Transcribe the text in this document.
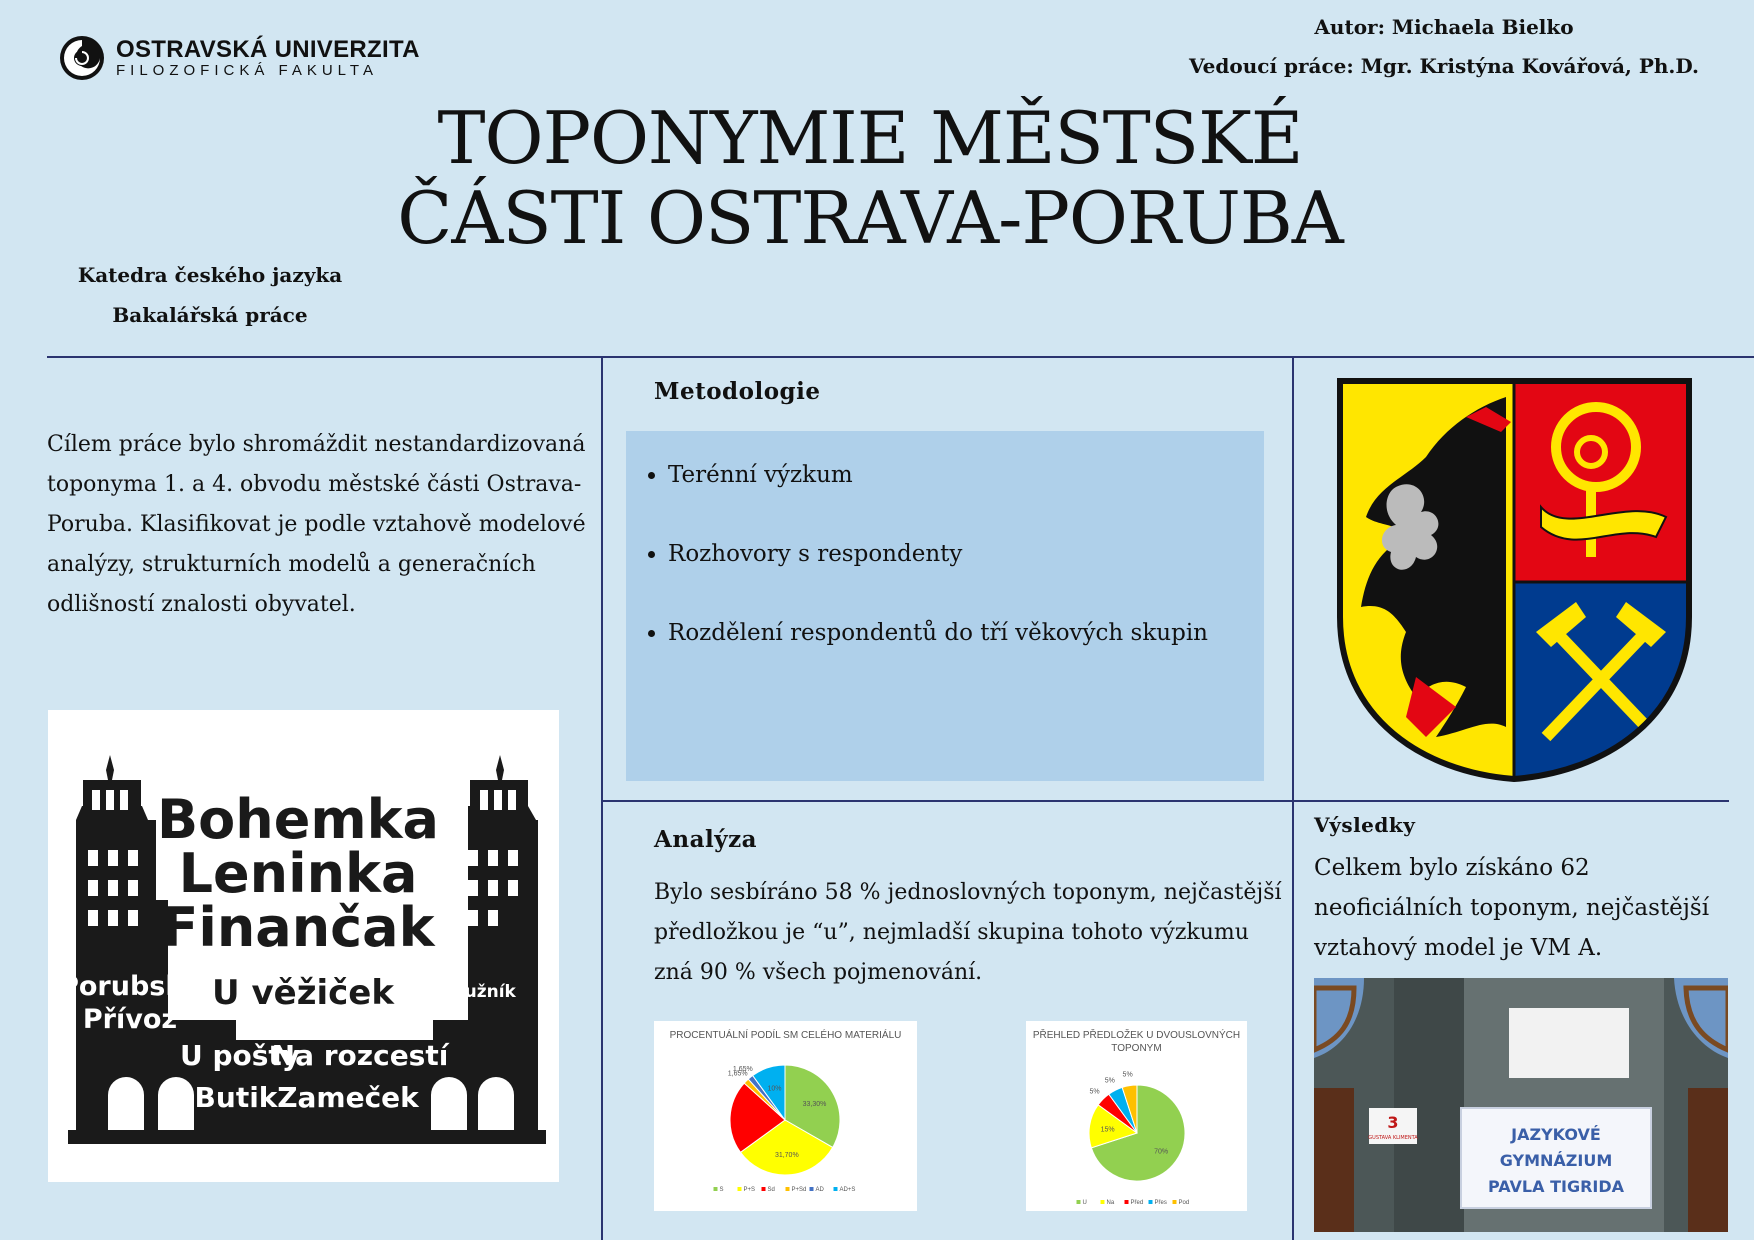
OSTRAVSKÁ UNIVERZITA
FILOZOFICKÁ FAKULTA
Autor: Michaela Bielko
Vedoucí práce: Mgr. Kristýna Kovářová, Ph.D.
TOPONYMIE MĚSTSKÉ
ČÁSTI OSTRAVA-PORUBA
Katedra českého jazyka
Bakalářská práce
Cílem práce bylo shromáždit nestandardizovaná toponyma 1. a 4. obvodu městské části Ostrava-Poruba. Klasifikovat je podle vztahově modelové analýzy, strukturních modelů a generačních odlišností znalosti obyvatel.
Bohemka
Leninka
Finančak
U věžiček
Porubský
Přívoz
Labužník
U pošty
Na rozcestí
Butik Zameček
Metodologie
• Terénní výzkum
• Rozhovory s respondenty
• Rozdělení respondentů do tří věkových skupin
Analýza
Bylo sesbíráno 58 % jednoslovných toponym, nejčastější předložkou je “u”, nejmladší skupina tohoto výzkumu zná 90 % všech pojmenování.
PROCENTUÁLNÍ PODÍL SM CELÉHO MATERIÁLU
33,30%
31,70%
1,65%
1,65%
10%
S	P+S Sd	P+Sd AD	AD+S
PŘEHLED PŘEDLOŽEK U DVOUSLOVNÝCH TOPONYM
70%
15%
5%
5%
5%
U	Na	Před Přes Pod
Výsledky
Celkem bylo získáno 62 neoficiálních toponym, nejčastější vztahový model je VM A.
3
GUSTAVA KLIMENTA	JAZYKOVÉ
GYMNÁZIUM
PAVLA TIGRIDA
